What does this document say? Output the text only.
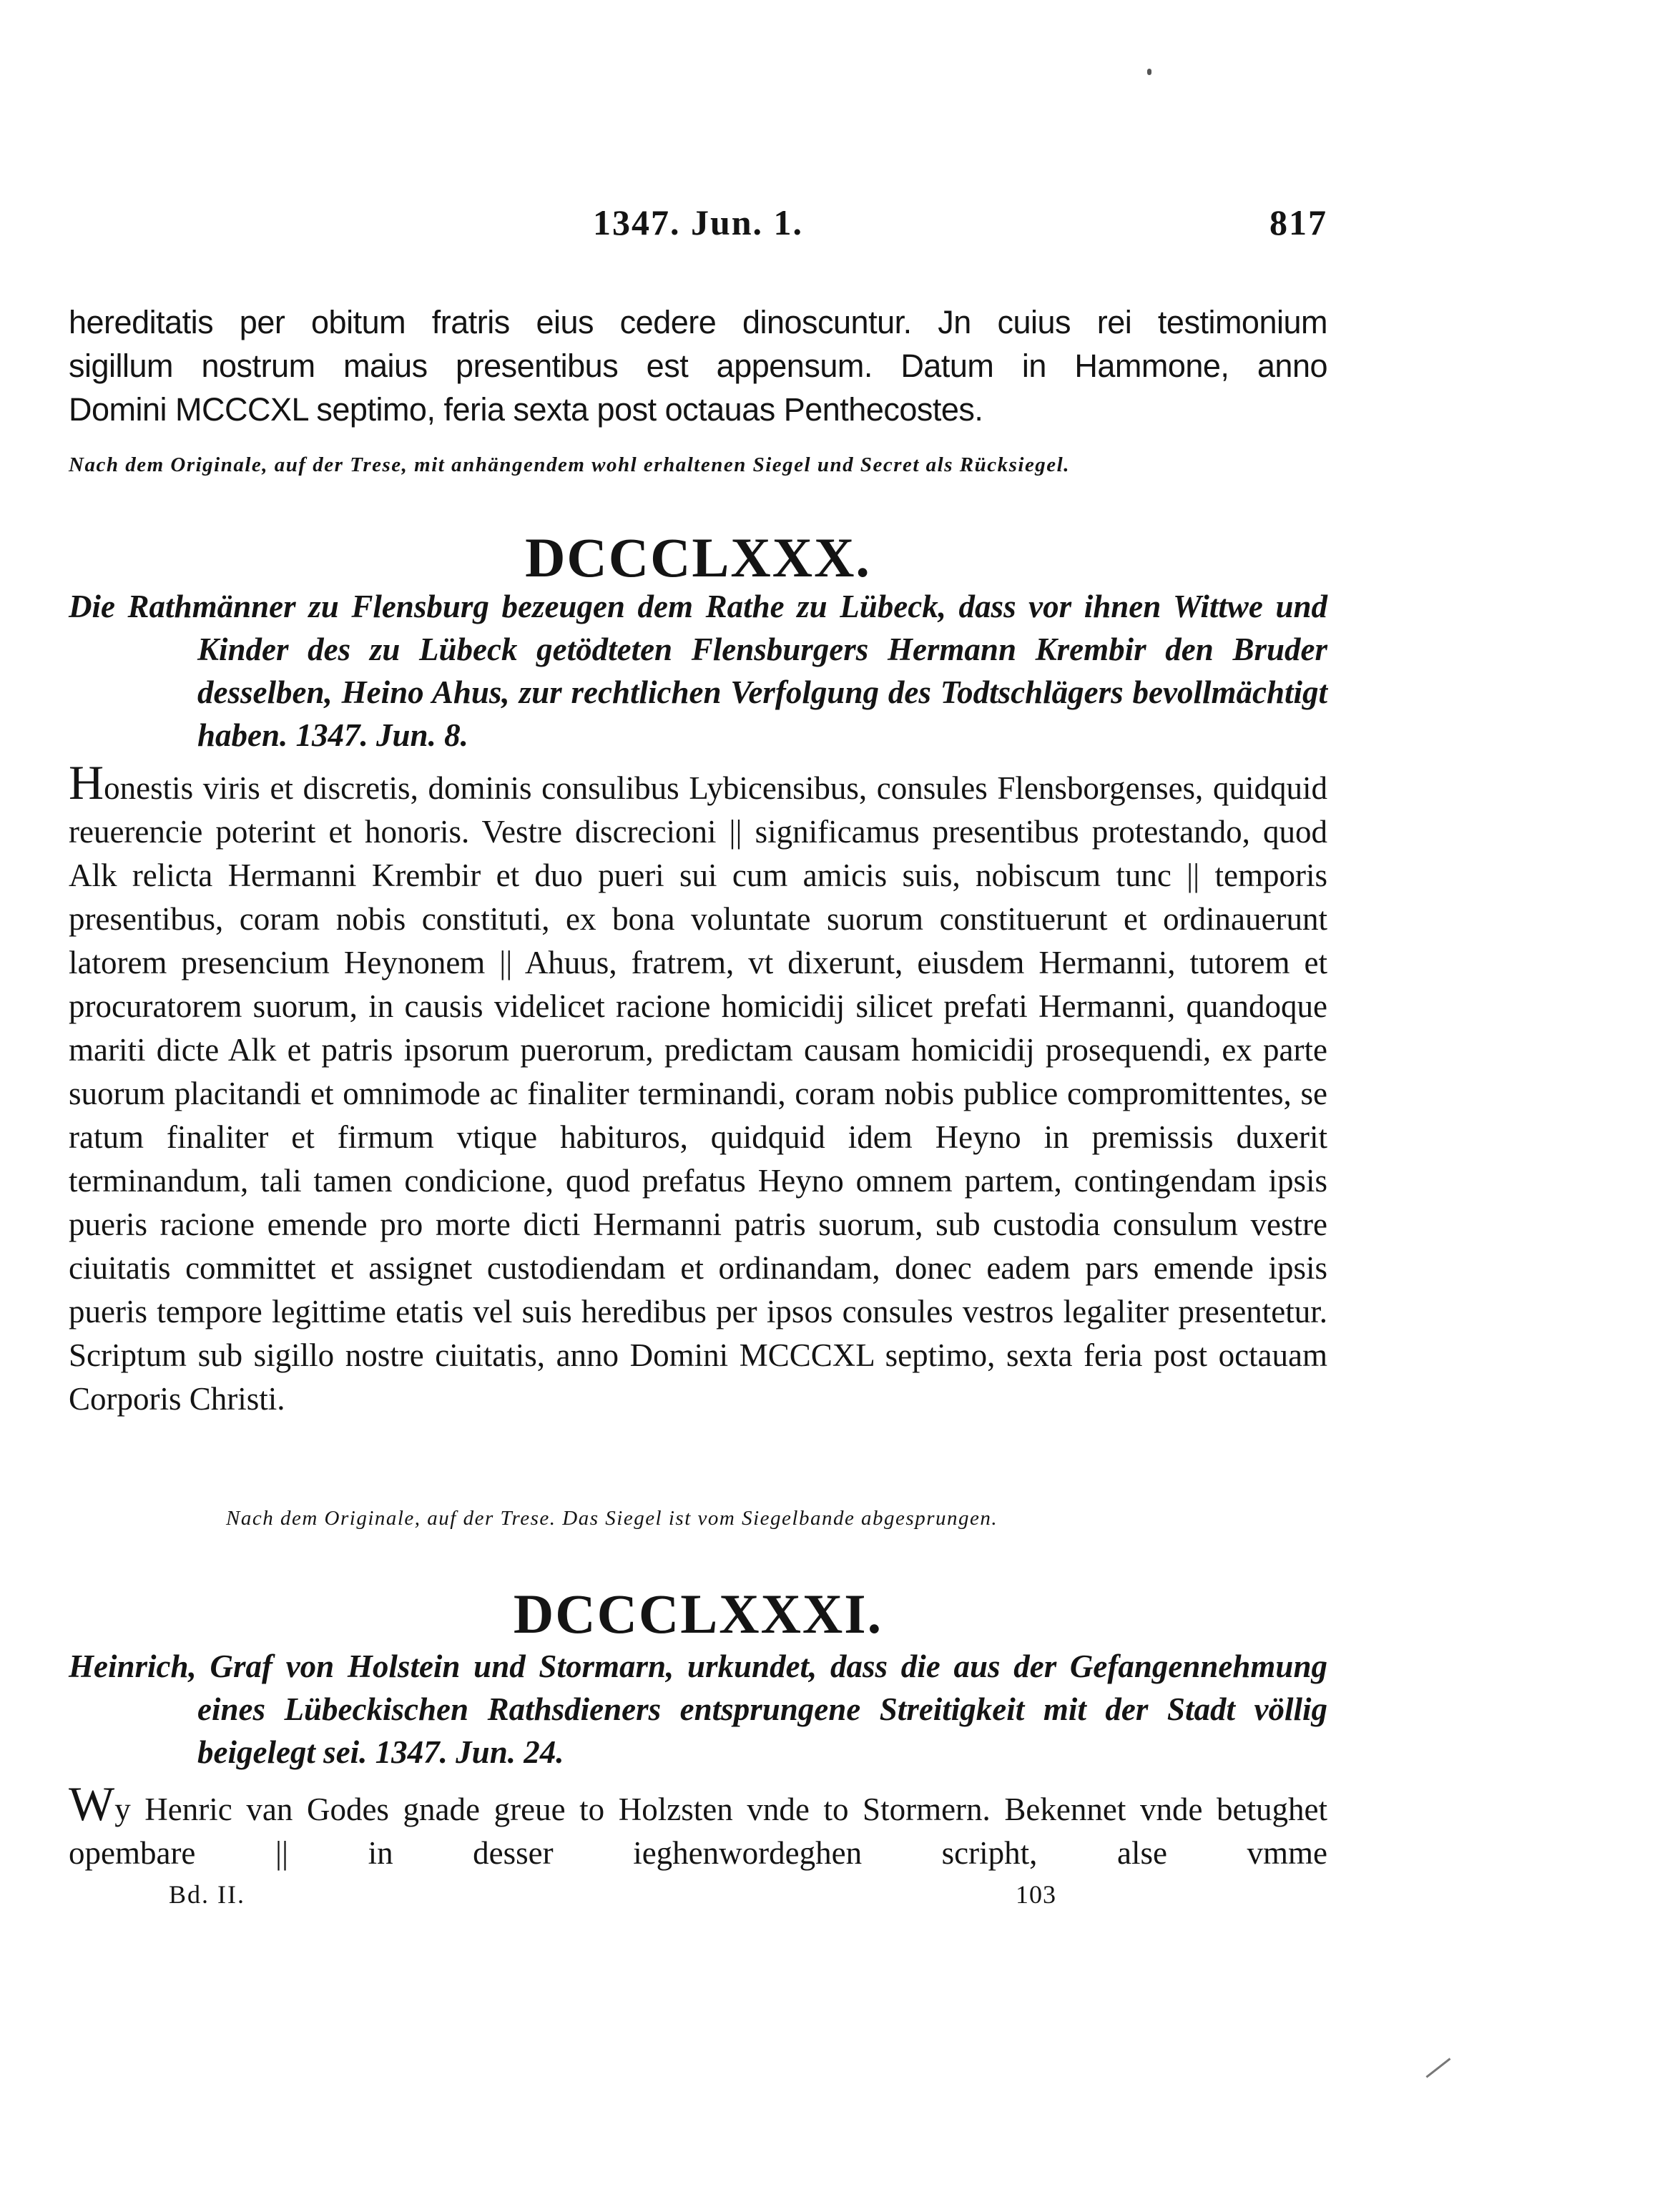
1347. Jun. 1.	817

hereditatis per obitum fratris eius cedere dinoscuntur. Jn cuius rei testimonium

sigillum nostrum maius presentibus est appensum. Datum in Hammone, anno

Domini MCCCXL septimo, feria sexta post octauas Penthecostes.

Nach dem Originale, auf der Trese, mit anhängendem wohl erhaltenen Siegel und Secret als Rücksiegel.
DCCCLXXX.

Die Rathmänner zu Flensburg bezeugen dem Rathe zu Lübeck, dass vor ihnen Wittwe und Kinder des zu Lübeck getödteten Flensburgers Hermann Krembir den Bruder desselben, Heino Ahus, zur rechtlichen Verfolgung des Todtschlägers bevollmächtigt haben. 1347. Jun. 8.

Honestis viris et discretis, dominis consulibus Lybicensibus, consules Flensborgenses, quidquid reuerencie poterint et honoris. Vestre discrecioni || significamus presentibus protestando, quod Alk relicta Hermanni Krembir et duo pueri sui cum amicis suis, nobiscum tunc || temporis presentibus, coram nobis constituti, ex bona voluntate suorum constituerunt et ordinauerunt latorem presencium Heynonem || Ahuus, fratrem, vt dixerunt, eiusdem Hermanni, tutorem et procuratorem suorum, in causis videlicet racione homicidij silicet prefati Hermanni, quandoque mariti dicte Alk et patris ipsorum puerorum, predictam causam homicidij prosequendi, ex parte suorum placitandi et omnimode ac finaliter terminandi, coram nobis publice compromittentes, se ratum finaliter et firmum vtique habituros, quidquid idem Heyno in premissis duxerit terminandum, tali tamen condicione, quod prefatus Heyno omnem partem, contingendam ipsis pueris racione emende pro morte dicti Hermanni patris suorum, sub custodia consulum vestre ciuitatis committet et assignet custodiendam et ordinandam, donec eadem pars emende ipsis pueris tempore legittime etatis vel suis heredibus per ipsos consules vestros legaliter presentetur. Scriptum sub sigillo nostre ciuitatis, anno Domini MCCCXL septimo, sexta feria post octauam Corporis Christi.

Nach dem Originale, auf der Trese. Das Siegel ist vom Siegelbande abgesprungen.
DCCCLXXXI.

Heinrich, Graf von Holstein und Stormarn, urkundet, dass die aus der Gefangennehmung eines Lübeckischen Rathsdieners entsprungene Streitigkeit mit der Stadt völlig beigelegt sei. 1347. Jun. 24.

Wy Henric van Godes gnade greue to Holzsten vnde to Stormern. Bekennet vnde betughet opembare || in desser ieghenwordeghen scripht, alse vmme

Bd. II.	103
